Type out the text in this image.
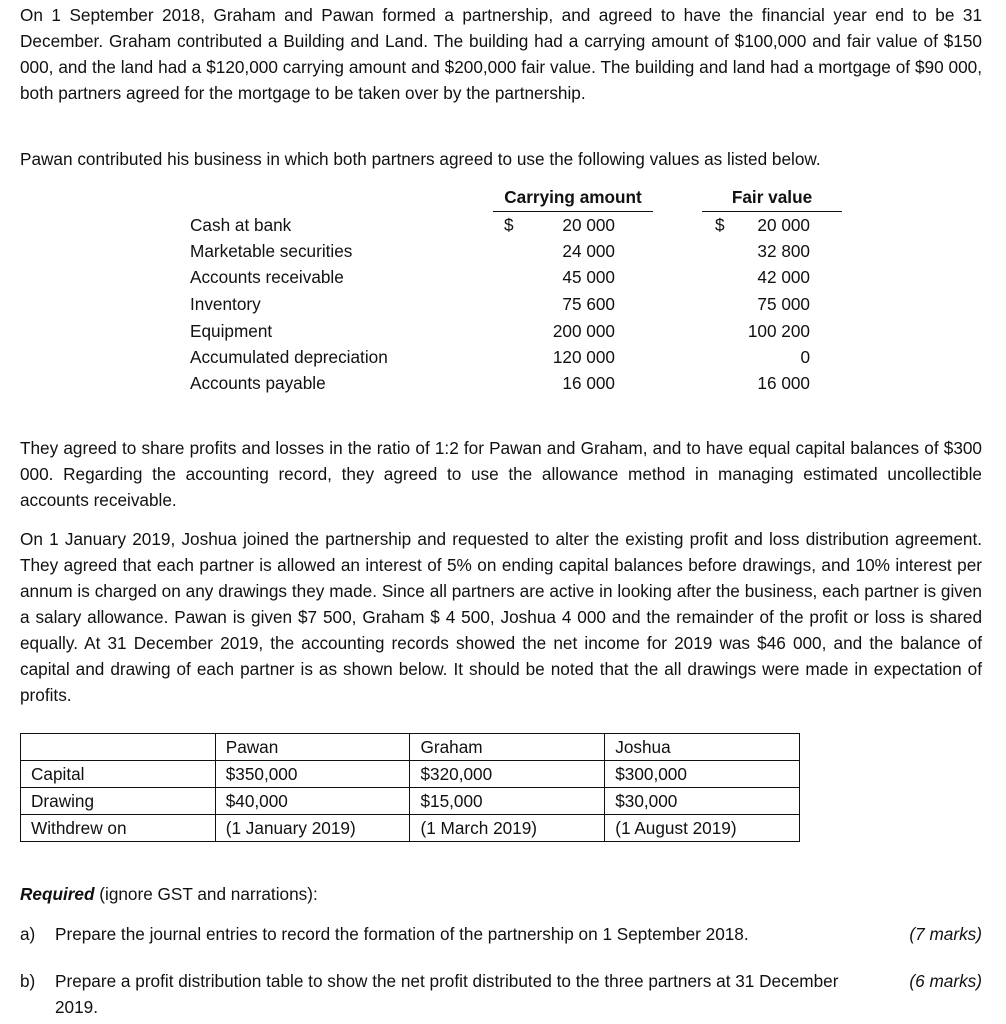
On 1 September 2018, Graham and Pawan formed a partnership, and agreed to have the financial year end to be 31 December. Graham contributed a Building and Land. The building had a carrying amount of $100,000 and fair value of $150 000, and the land had a $120,000 carrying amount and $200,000 fair value. The building and land had a mortgage of $90 000, both partners agreed for the mortgage to be taken over by the partnership.

Pawan contributed his business in which both partners agreed to use the following values as listed below.

Carrying amount	Fair value
Cash at bank	$	20 000	$	20 000
Marketable securities	24 000	32 800
Accounts receivable	45 000	42 000
Inventory	75 600	75 000
Equipment	200 000	100 200
Accumulated depreciation	120 000	0
Accounts payable	16 000	16 000

They agreed to share profits and losses in the ratio of 1:2 for Pawan and Graham, and to have equal capital balances of $300 000. Regarding the accounting record, they agreed to use the allowance method in managing estimated uncollectible accounts receivable.

On 1 January 2019, Joshua joined the partnership and requested to alter the existing profit and loss distribution agreement. They agreed that each partner is allowed an interest of 5% on ending capital balances before drawings, and 10% interest per annum is charged on any drawings they made. Since all partners are active in looking after the business, each partner is given a salary allowance. Pawan is given $7 500, Graham $ 4 500, Joshua 4 000 and the remainder of the profit or loss is shared equally. At 31 December 2019, the accounting records showed the net income for 2019 was $46 000, and the balance of capital and drawing of each partner is as shown below. It should be noted that the all drawings were made in expectation of profits.

	Pawan	Graham	Joshua
Capital	$350,000	$320,000	$300,000
Drawing	$40,000	$15,000	$30,000
Withdrew on	(1 January 2019)	(1 March 2019)	(1 August 2019)
Required (ignore GST and narrations):
a) Prepare the journal entries to record the formation of the partnership on 1 September 2018.	(7 marks)
b) Prepare a profit distribution table to show the net profit distributed to the three partners at 31 December 2019.
(6 marks)
